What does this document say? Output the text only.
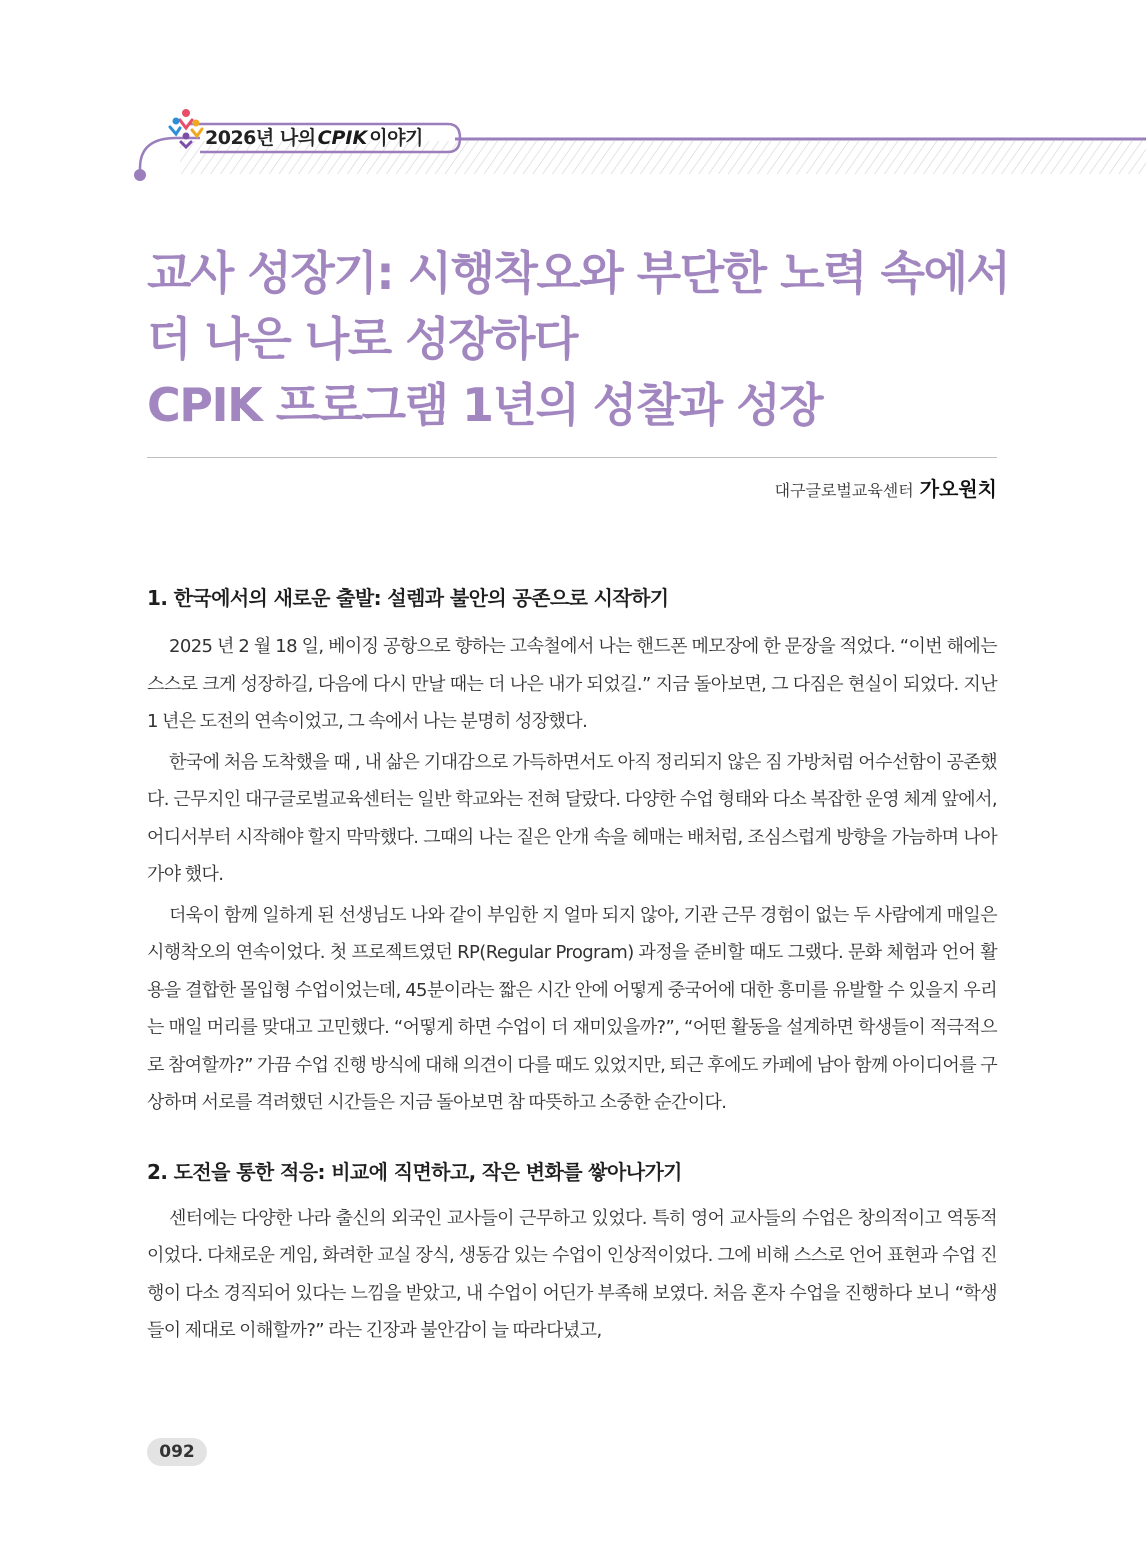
2026년 나의 CPIK 이야기
교사 성장기: 시행착오와 부단한 노력 속에서
더 나은 나로 성장하다
CPIK 프로그램 1년의 성찰과 성장
대구글로벌교육센터 가오원치
1. 한국에서의 새로운 출발: 설렘과 불안의 공존으로 시작하기

2025 년 2 월 18 일, 베이징 공항으로 향하는 고속철에서 나는 핸드폰 메모장에 한 문장을 적었다. “이번 해에는 스스로 크게 성장하길, 다음에 다시 만날 때는 더 나은 내가 되었길.” 지금 돌아보면, 그 다짐은 현실이 되었다. 지난 1 년은 도전의 연속이었고, 그 속에서 나는 분명히 성장했다.

한국에 처음 도착했을 때 , 내 삶은 기대감으로 가득하면서도 아직 정리되지 않은 짐 가방처럼 어수선함이 공존했다. 근무지인 대구글로벌교육센터는 일반 학교와는 전혀 달랐다. 다양한 수업 형태와 다소 복잡한 운영 체계 앞에서, 어디서부터 시작해야 할지 막막했다. 그때의 나는 짙은 안개 속을 헤매는 배처럼, 조심스럽게 방향을 가늠하며 나아가야 했다.

더욱이 함께 일하게 된 선생님도 나와 같이 부임한 지 얼마 되지 않아, 기관 근무 경험이 없는 두 사람에게 매일은 시행착오의 연속이었다. 첫 프로젝트였던 RP(Regular Program) 과정을 준비할 때도 그랬다. 문화 체험과 언어 활용을 결합한 몰입형 수업이었는데, 45분이라는 짧은 시간 안에 어떻게 중국어에 대한 흥미를 유발할 수 있을지 우리는 매일 머리를 맞대고 고민했다. “어떻게 하면 수업이 더 재미있을까?”, “어떤 활동을 설계하면 학생들이 적극적으로 참여할까?” 가끔 수업 진행 방식에 대해 의견이 다를 때도 있었지만, 퇴근 후에도 카페에 남아 함께 아이디어를 구상하며 서로를 격려했던 시간들은 지금 돌아보면 참 따뜻하고 소중한 순간이다.

2. 도전을 통한 적응: 비교에 직면하고, 작은 변화를 쌓아나가기

센터에는 다양한 나라 출신의 외국인 교사들이 근무하고 있었다. 특히 영어 교사들의 수업은 창의적이고 역동적이었다. 다채로운 게임, 화려한 교실 장식, 생동감 있는 수업이 인상적이었다. 그에 비해 스스로 언어 표현과 수업 진행이 다소 경직되어 있다는 느낌을 받았고, 내 수업이 어딘가 부족해 보였다. 처음 혼자 수업을 진행하다 보니 “학생들이 제대로 이해할까?” 라는 긴장과 불안감이 늘 따라다녔고,

092
